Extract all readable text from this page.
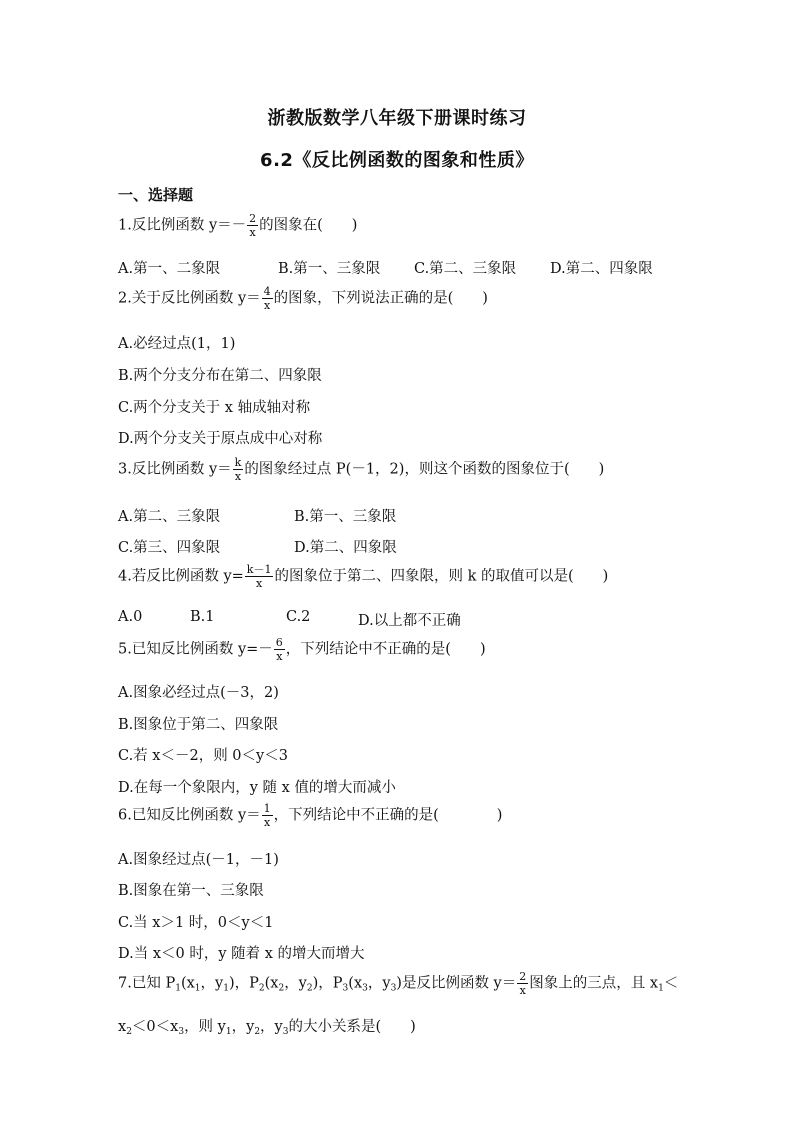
浙教版数学八年级下册课时练习
6.2《反比例函数的图象和性质》
一、选择题
1.反比例函数 $y=- \frac{2}{x}$ 的图象在(　　)
A.第一、二象限	B.第一、三象限 C.第二、三象限 D.第二、四象限
2.关于反比例函数 $y= \frac{4}{x}$ 的图象，下列说法正确的是(　　)
A.必经过点(1，1)
B.两个分支分布在第二、四象限
C.两个分支关于 x 轴成轴对称
D.两个分支关于原点成中心对称
3.反比例函数 $y= \frac{k}{x}$ 的图象经过点 P(－1，2)，则这个函数的图象位于(　　)
A.第二、三象限	B.第一、三象限
C.第三、四象限	D.第二、四象限
4.若反比例函数 $y= \frac{k-1}{x}$ 的图象位于第二、四象限，则 k 的取值可以是(　　)
A.0	B.1	C.2	D.以上都不正确
5.已知反比例函数 $y=- \frac{6}{x}$ ，下列结论中不正确的是(　　)
A.图象必经过点(－3，2)
B.图象位于第二、四象限
C.若 x＜－2，则 0＜y＜3
D.在每一个象限内，y 随 x 值的增大而减小
6.已知反比例函数 $y= \frac{1}{x}$ ，下列结论中不正确的是(　　　　)
A.图象经过点(－1，－1)
B.图象在第一、三象限
C.当 x＞1 时，0＜y＜1
D.当 x＜0 时，y 随着 x 的增大而增大
7.已知 $P_1(x_1$，$y_1$)，$P_2(x_2$，$y_2$)，$P_3(x_3$，$y_3$)是反比例函数 $y= \frac{2}{x}$ 图象上的三点，且 $x_1<$
$x_2<0<x_3$，则 $y_1$，$y_2$，$y_3$的大小关系是(　　)
